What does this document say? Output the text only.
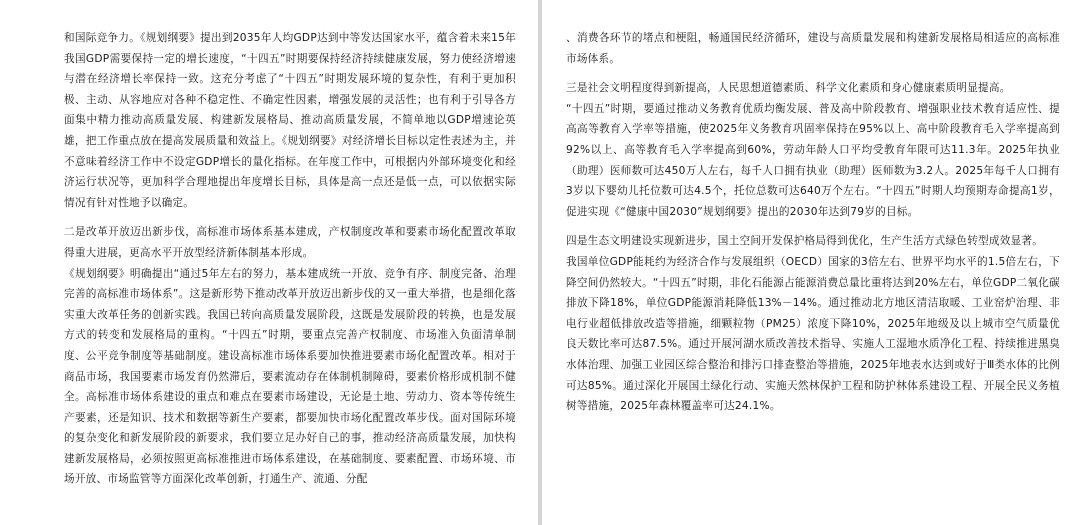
和国际竞争力。《规划纲要》提出到2035年人均GDP达到中等发达国家水平，蕴含着未来15年我国GDP需要保持一定的增长速度，“十四五”时期要保持经济持续健康发展，努力使经济增速与潜在经济增长率保持一致。这充分考虑了“十四五”时期发展环境的复杂性，有利于更加积极、主动、从容地应对各种不稳定性、不确定性因素，增强发展的灵活性；也有利于引导各方面集中精力推动高质量发展、构建新发展格局、推动高质量发展，不简单地以GDP增速论英雄，把工作重点放在提高发展质量和效益上。《规划纲要》对经济增长目标以定性表述为主，并不意味着经济工作中不设定GDP增长的量化指标。在年度工作中，可根据内外部环境变化和经济运行状况等，更加科学合理地提出年度增长目标，具体是高一点还是低一点，可以依据实际情况有针对性地予以确定。

二是改革开放迈出新步伐，高标准市场体系基本建成，产权制度改革和要素市场化配置改革取得重大进展，更高水平开放型经济新体制基本形成。

《规划纲要》明确提出“通过5年左右的努力，基本建成统一开放、竞争有序、制度完备、治理完善的高标准市场体系”。这是新形势下推动改革开放迈出新步伐的又一重大举措，也是细化落实重大改革任务的创新实践。我国已转向高质量发展阶段，这既是发展阶段的转换，也是发展方式的转变和发展格局的重构。“十四五”时期，要重点完善产权制度、市场准入负面清单制度、公平竞争制度等基础制度。建设高标准市场体系要加快推进要素市场化配置改革。相对于商品市场，我国要素市场发育仍然滞后，要素流动存在体制机制障碍，要素价格形成机制不健全。高标准市场体系建设的重点和难点在要素市场建设，无论是土地、劳动力、资本等传统生产要素，还是知识、技术和数据等新生产要素，都要加快市场化配置改革步伐。面对国际环境的复杂变化和新发展阶段的新要求，我们要立足办好自己的事，推动经济高质量发展，加快构建新发展格局，必须按照更高标准推进市场体系建设，在基础制度、要素配置、市场环境、市场开放、市场监管等方面深化改革创新，打通生产、流通、分配

、消费各环节的堵点和梗阻，畅通国民经济循环，建设与高质量发展和构建新发展格局相适应的高标准市场体系。

三是社会文明程度得到新提高，人民思想道德素质、科学文化素质和身心健康素质明显提高。

“十四五”时期，要通过推动义务教育优质均衡发展、普及高中阶段教育、增强职业技术教育适应性、提高高等教育入学率等措施，使2025年义务教育巩固率保持在95%以上、高中阶段教育毛入学率提高到92%以上、高等教育毛入学率提高到60%，劳动年龄人口平均受教育年限可达11.3年。2025年执业（助理）医师数可达450万人左右，每千人口拥有执业（助理）医师数为3.2人。2025年每千人口拥有3岁以下婴幼儿托位数可达4.5个，托位总数可达640万个左右。“十四五”时期人均预期寿命提高1岁，促进实现《“健康中国2030”规划纲要》提出的2030年达到79岁的目标。

四是生态文明建设实现新进步，国土空间开发保护格局得到优化，生产生活方式绿色转型成效显著。

我国单位GDP能耗约为经济合作与发展组织（OECD）国家的3倍左右、世界平均水平的1.5倍左右，下降空间仍然较大。“十四五”时期，非化石能源占能源消费总量比重将达到20%左右，单位GDP二氧化碳排放下降18%，单位GDP能源消耗降低13%－14%。通过推动北方地区清洁取暖、工业窑炉治理、非电行业超低排放改造等措施，细颗粒物（PM25）浓度下降10%，2025年地级及以上城市空气质量优良天数比率可达87.5%。通过开展河湖水质改善技术指导、实施人工湿地水质净化工程、持续推进黑臭水体治理、加强工业园区综合整治和排污口排查整治等措施，2025年地表水达到或好于Ⅲ类水体的比例可达85%。通过深化开展国土绿化行动、实施天然林保护工程和防护林体系建设工程、开展全民义务植树等措施，2025年森林覆盖率可达24.1%。
